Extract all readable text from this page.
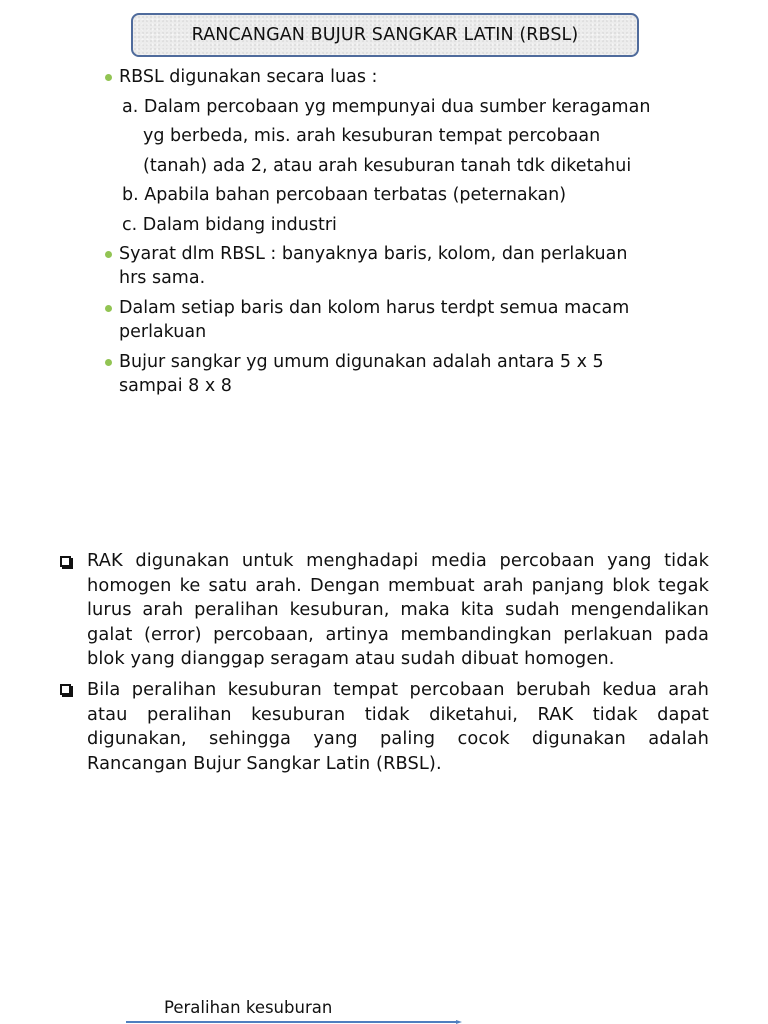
RANCANGAN BUJUR SANGKAR LATIN (RBSL)
RBSL digunakan secara luas :
a. Dalam percobaan yg mempunyai dua sumber keragaman
yg berbeda, mis. arah kesuburan tempat percobaan
(tanah) ada 2, atau arah kesuburan tanah tdk diketahui
b. Apabila bahan percobaan terbatas (peternakan)
c. Dalam bidang industri
Syarat dlm RBSL : banyaknya baris, kolom, dan perlakuan
hrs sama.
Dalam setiap baris dan kolom harus terdpt semua macam
perlakuan
Bujur sangkar yg umum digunakan adalah antara 5 x 5
sampai 8 x 8
RAK digunakan untuk menghadapi media percobaan yang tidak homogen ke satu arah. Dengan membuat arah panjang blok tegak lurus arah peralihan kesuburan, maka kita sudah mengendalikan galat (error) percobaan, artinya membandingkan perlakuan pada blok yang dianggap seragam atau sudah dibuat homogen.
Bila peralihan kesuburan tempat percobaan berubah kedua arah atau peralihan kesuburan tidak diketahui, RAK tidak dapat digunakan, sehingga yang paling cocok digunakan adalah Rancangan Bujur Sangkar Latin (RBSL).
Peralihan kesuburan
